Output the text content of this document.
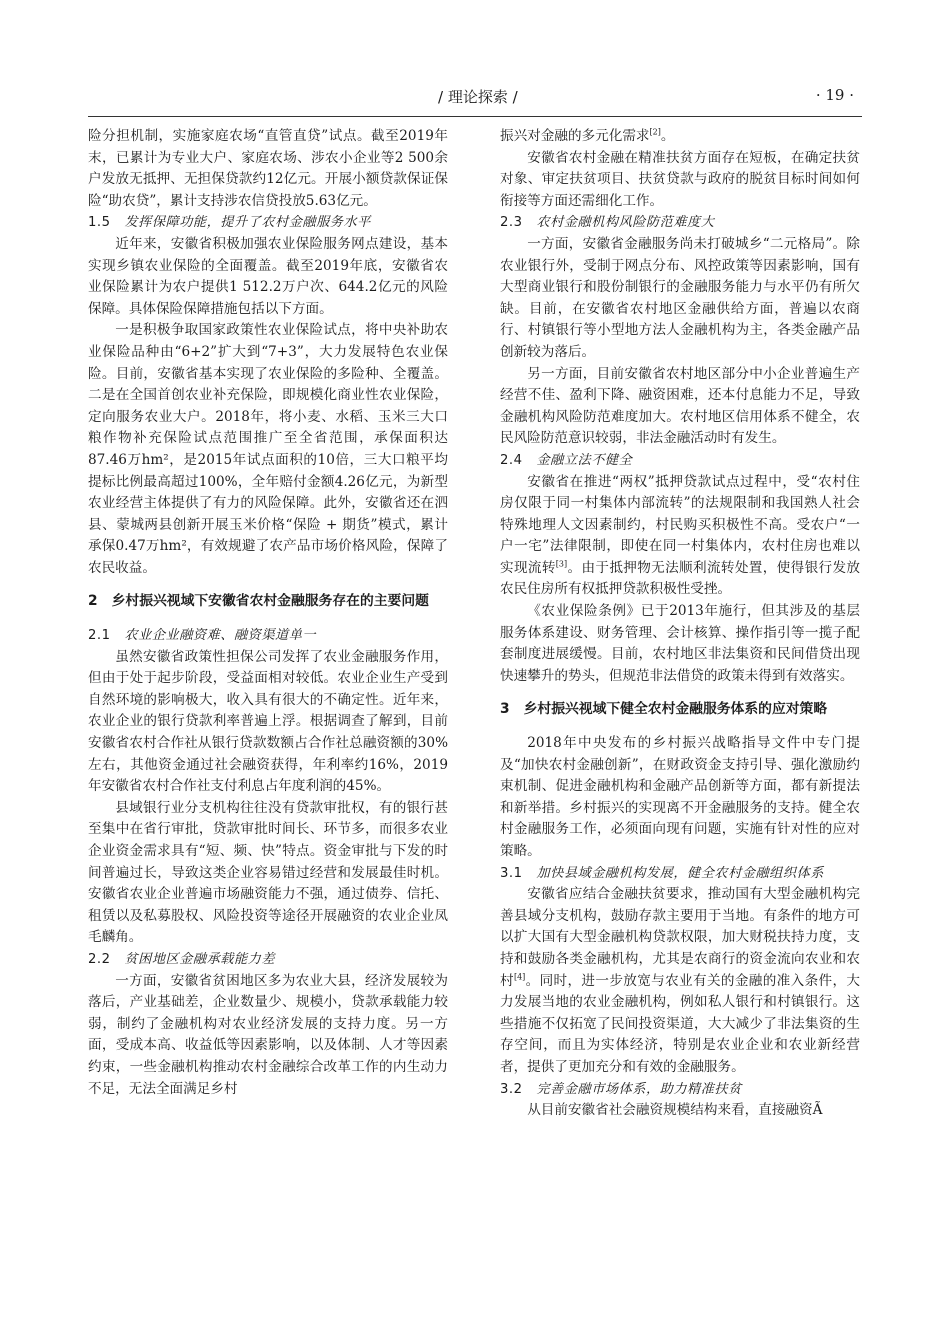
/ 理论探索 /	· 19 ·

险分担机制，实施家庭农场“直管直贷”试点。截至2019年末，已累计为专业大户、家庭农场、涉农小企业等2 500余户发放无抵押、无担保贷款约12亿元。开展小额贷款保证保险“助农贷”，累计支持涉农信贷投放5.63亿元。

1.5 发挥保障功能，提升了农村金融服务水平

近年来，安徽省积极加强农业保险服务网点建设，基本实现乡镇农业保险的全面覆盖。截至2019年底，安徽省农业保险累计为农户提供1 512.2万户次、644.2亿元的风险保障。具体保险保障措施包括以下方面。

一是积极争取国家政策性农业保险试点，将中央补助农业保险品种由“6+2”扩大到“7+3”，大力发展特色农业保险。目前，安徽省基本实现了农业保险的多险种、全覆盖。二是在全国首创农业补充保险，即规模化商业性农业保险，定向服务农业大户。2018年，将小麦、水稻、玉米三大口粮作物补充保险试点范围推广至全省范围，承保面积达87.46万hm²，是2015年试点面积的10倍，三大口粮平均提标比例最高超过100%，全年赔付金额4.26亿元，为新型农业经营主体提供了有力的风险保障。此外，安徽省还在泗县、蒙城两县创新开展玉米价格“保险 + 期货”模式，累计承保0.47万hm²，有效规避了农产品市场价格风险，保障了农民收益。

2 乡村振兴视域下安徽省农村金融服务存在的主要问题
2.1 农业企业融资难、融资渠道单一

虽然安徽省政策性担保公司发挥了农业金融服务作用，但由于处于起步阶段，受益面相对较低。农业企业生产受到自然环境的影响极大，收入具有很大的不确定性。近年来，农业企业的银行贷款利率普遍上浮。根据调查了解到，目前安徽省农村合作社从银行贷款数额占合作社总融资额的30%左右，其他资金通过社会融资获得，年利率约16%，2019年安徽省农村合作社支付利息占年度利润的45%。

县域银行业分支机构往往没有贷款审批权，有的银行甚至集中在省行审批，贷款审批时间长、环节多，而很多农业企业资金需求具有“短、频、快”特点。资金审批与下发的时间普遍过长，导致这类企业容易错过经营和发展最佳时机。安徽省农业企业普遍市场融资能力不强，通过债券、信托、租赁以及私募股权、风险投资等途径开展融资的农业企业凤毛麟角。

2.2 贫困地区金融承载能力差

一方面，安徽省贫困地区多为农业大县，经济发展较为落后，产业基础差，企业数量少、规模小，贷款承载能力较弱，制约了金融机构对农业经济发展的支持力度。另一方面，受成本高、收益低等因素影响，以及体制、人才等因素约束，一些金融机构推动农村金融综合改革工作的内生动力不足，无法全面满足乡村

振兴对金融的多元化需求[2]。

安徽省农村金融在精准扶贫方面存在短板，在确定扶贫对象、审定扶贫项目、扶贫贷款与政府的脱贫目标时间如何衔接等方面还需细化工作。

2.3 农村金融机构风险防范难度大

一方面，安徽省金融服务尚未打破城乡“二元格局”。除农业银行外，受制于网点分布、风控政策等因素影响，国有大型商业银行和股份制银行的金融服务能力与水平仍有所欠缺。目前，在安徽省农村地区金融供给方面，普遍以农商行、村镇银行等小型地方法人金融机构为主，各类金融产品创新较为落后。

另一方面，目前安徽省农村地区部分中小企业普遍生产经营不佳、盈利下降、融资困难，还本付息能力不足，导致金融机构风险防范难度加大。农村地区信用体系不健全，农民风险防范意识较弱，非法金融活动时有发生。

2.4 金融立法不健全

安徽省在推进“两权”抵押贷款试点过程中，受“农村住房仅限于同一村集体内部流转”的法规限制和我国熟人社会特殊地理人文因素制约，村民购买积极性不高。受农户“一户一宅”法律限制，即使在同一村集体内，农村住房也难以实现流转[3]。由于抵押物无法顺利流转处置，使得银行发放农民住房所有权抵押贷款积极性受挫。

《农业保险条例》已于2013年施行，但其涉及的基层服务体系建设、财务管理、会计核算、操作指引等一揽子配套制度进展缓慢。目前，农村地区非法集资和民间借贷出现快速攀升的势头，但规范非法借贷的政策未得到有效落实。

3 乡村振兴视域下健全农村金融服务体系的应对策略

2018年中央发布的乡村振兴战略指导文件中专门提及“加快农村金融创新”，在财政资金支持引导、强化激励约束机制、促进金融机构和金融产品创新等方面，都有新提法和新举措。乡村振兴的实现离不开金融服务的支持。健全农村金融服务工作，必须面向现有问题，实施有针对性的应对策略。

3.1 加快县域金融机构发展，健全农村金融组织体系

安徽省应结合金融扶贫要求，推动国有大型金融机构完善县域分支机构，鼓励存款主要用于当地。有条件的地方可以扩大国有大型金融机构贷款权限，加大财税扶持力度，支持和鼓励各类金融机构，尤其是农商行的资金流向农业和农村[4]。同时，进一步放宽与农业有关的金融的准入条件，大力发展当地的农业金融机构，例如私人银行和村镇银行。这些措施不仅拓宽了民间投资渠道，大大减少了非法集资的生存空间，而且为实体经济，特别是农业企业和农业新经营者，提供了更加充分和有效的金融服务。

3.2 完善金融市场体系，助力精准扶贫

从目前安徽省社会融资规模结构来看，直接融资Ã
